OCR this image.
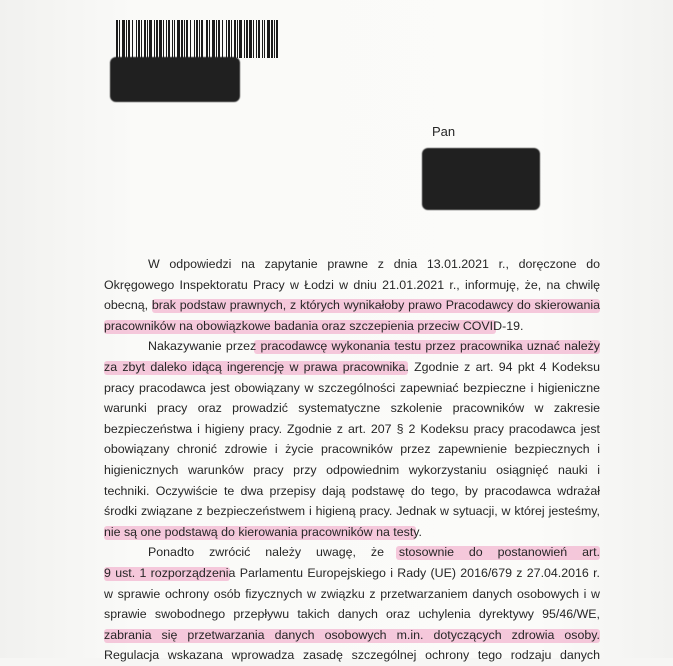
Pan
W odpowiedzi na zapytanie prawne z dnia 13.01.2021 r., doręczone do
Okręgowego Inspektoratu Pracy w Łodzi w dniu 21.01.2021 r., informuję, że, na chwilę
obecną, brak podstaw prawnych, z których wynikałoby prawo Pracodawcy do skierowania
pracowników na obowiązkowe badania oraz szczepienia przeciw COVID-19.
Nakazywanie przez pracodawcę wykonania testu przez pracownika uznać należy
za zbyt daleko idącą ingerencję w prawa pracownika. Zgodnie z art. 94 pkt 4 Kodeksu
pracy pracodawca jest obowiązany w szczególności zapewniać bezpieczne i higieniczne
warunki pracy oraz prowadzić systematyczne szkolenie pracowników w zakresie
bezpieczeństwa i higieny pracy. Zgodnie z art. 207 § 2 Kodeksu pracy pracodawca jest
obowiązany chronić zdrowie i życie pracowników przez zapewnienie bezpiecznych i
higienicznych warunków pracy przy odpowiednim wykorzystaniu osiągnięć nauki i
techniki. Oczywiście te dwa przepisy dają podstawę do tego, by pracodawca wdrażał
środki związane z bezpieczeństwem i higieną pracy. Jednak w sytuacji, w której jesteśmy,
nie są one podstawą do kierowania pracowników na testy.
Ponadto zwrócić należy uwagę, że stosownie do postanowień art.
9 ust. 1 rozporządzenia Parlamentu Europejskiego i Rady (UE) 2016/679 z 27.04.2016 r.
w sprawie ochrony osób fizycznych w związku z przetwarzaniem danych osobowych i w
sprawie swobodnego przepływu takich danych oraz uchylenia dyrektywy 95/46/WE,
zabrania się przetwarzania danych osobowych m.in. dotyczących zdrowia osoby.
Regulacja wskazana wprowadza zasadę szczególnej ochrony tego rodzaju danych
